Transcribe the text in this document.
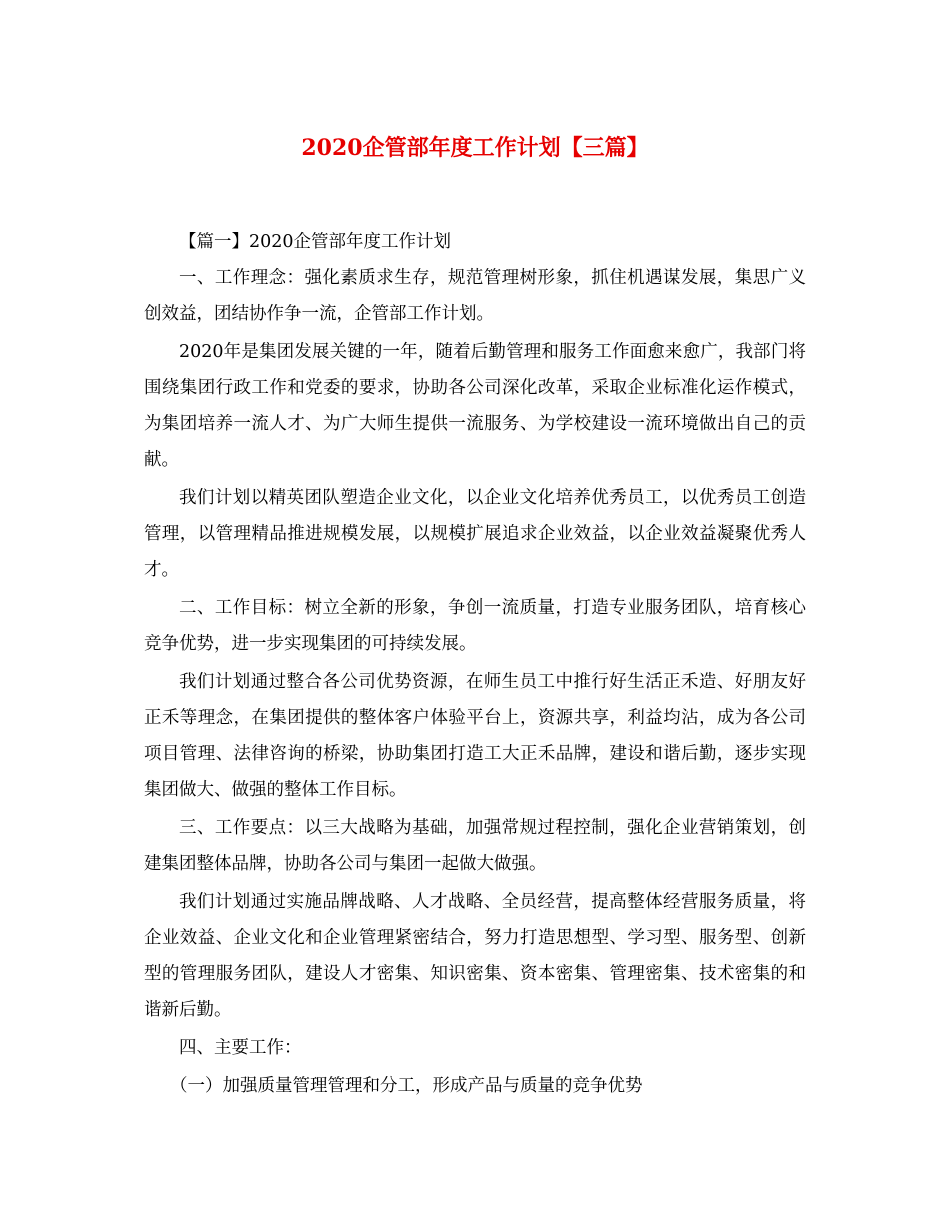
2020企管部年度工作计划【三篇】

【篇一】2020企管部年度工作计划

一、工作理念：强化素质求生存，规范管理树形象，抓住机遇谋发展，集思广义创效益，团结协作争一流，企管部工作计划。

2020年是集团发展关键的一年，随着后勤管理和服务工作面愈来愈广，我部门将围绕集团行政工作和党委的要求，协助各公司深化改革，采取企业标准化运作模式，为集团培养一流人才、为广大师生提供一流服务、为学校建设一流环境做出自己的贡献。

我们计划以精英团队塑造企业文化，以企业文化培养优秀员工，以优秀员工创造管理，以管理精品推进规模发展，以规模扩展追求企业效益，以企业效益凝聚优秀人才。

二、工作目标：树立全新的形象，争创一流质量，打造专业服务团队，培育核心竞争优势，进一步实现集团的可持续发展。

我们计划通过整合各公司优势资源，在师生员工中推行好生活正禾造、好朋友好正禾等理念，在集团提供的整体客户体验平台上，资源共享，利益均沾，成为各公司项目管理、法律咨询的桥梁，协助集团打造工大正禾品牌，建设和谐后勤，逐步实现集团做大、做强的整体工作目标。

三、工作要点：以三大战略为基础，加强常规过程控制，强化企业营销策划，创建集团整体品牌，协助各公司与集团一起做大做强。

我们计划通过实施品牌战略、人才战略、全员经营，提高整体经营服务质量，将企业效益、企业文化和企业管理紧密结合，努力打造思想型、学习型、服务型、创新型的管理服务团队，建设人才密集、知识密集、资本密集、管理密集、技术密集的和谐新后勤。

四、主要工作：

（一）加强质量管理管理和分工，形成产品与质量的竞争优势
